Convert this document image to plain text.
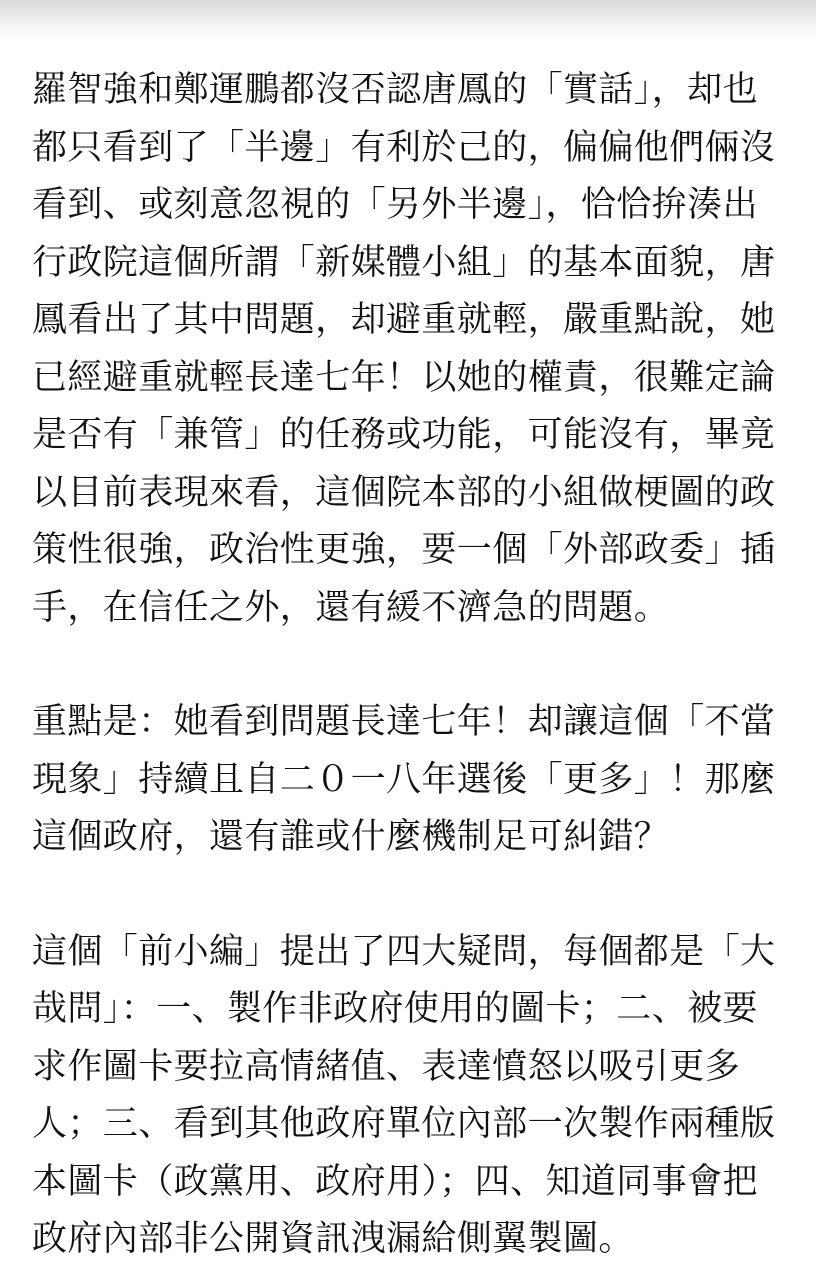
羅智強和鄭運鵬都沒否認唐鳳的「實話」，却也
都只看到了「半邊」有利於己的，偏偏他們倆沒
看到、或刻意忽視的「另外半邊」，恰恰拚湊出
行政院這個所謂「新媒體小組」的基本面貌，唐
鳳看出了其中問題，却避重就輕，嚴重點說，她
已經避重就輕長達七年！以她的權責，很難定論
是否有「兼管」的任務或功能，可能沒有，畢竟
以目前表現來看，這個院本部的小組做梗圖的政
策性很強，政治性更強，要一個「外部政委」插
手，在信任之外，還有緩不濟急的問題。
重點是：她看到問題長達七年！却讓這個「不當
現象」持續且自二０一八年選後「更多」！那麼
這個政府，還有誰或什麼機制足可糾錯？
這個「前小編」提出了四大疑問，每個都是「大
哉問」：一、製作非政府使用的圖卡；二、被要
求作圖卡要拉高情緒值、表達憤怒以吸引更多
人；三、看到其他政府單位內部一次製作兩種版
本圖卡（政黨用、政府用）；四、知道同事會把
政府內部非公開資訊洩漏給側翼製圖。
